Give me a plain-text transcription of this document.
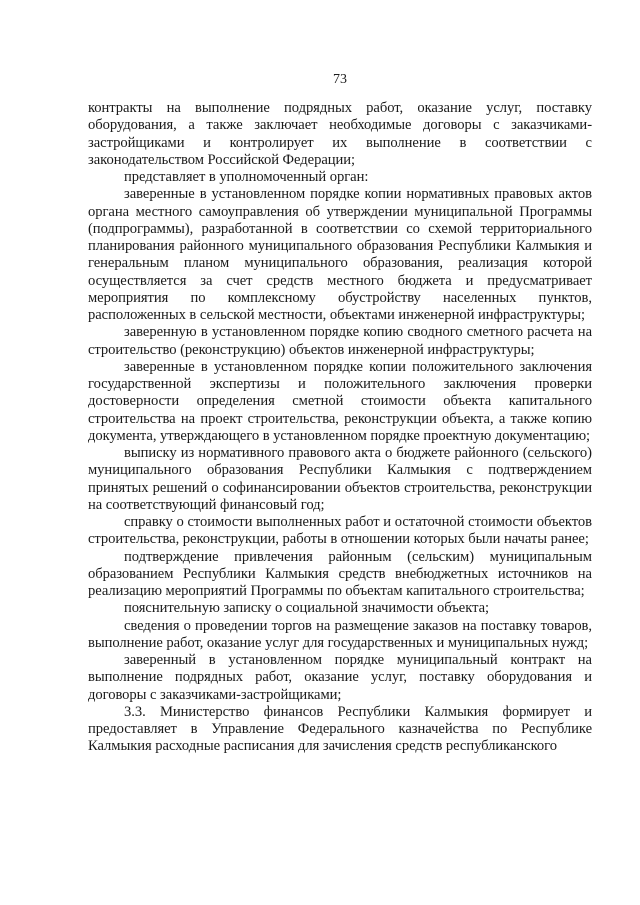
73

контракты на выполнение подрядных работ, оказание услуг, поставку оборудования, а также заключает необходимые договоры с заказчиками-застройщиками и контролирует их выполнение в соответствии с законодательством Российской Федерации;

представляет в уполномоченный орган:

заверенные в установленном порядке копии нормативных правовых актов органа местного самоуправления об утверждении муниципальной Программы (подпрограммы), разработанной в соответствии со схемой территориального планирования районного муниципального образования Республики Калмыкия и генеральным планом муниципального образования, реализация которой осуществляется за счет средств местного бюджета и предусматривает мероприятия по комплексному обустройству населенных пунктов, расположенных в сельской местности, объектами инженерной инфраструктуры;

заверенную в установленном порядке копию сводного сметного расчета на строительство (реконструкцию) объектов инженерной инфраструктуры;

заверенные в установленном порядке копии положительного заключения государственной экспертизы и положительного заключения проверки достоверности определения сметной стоимости объекта капитального строительства на проект строительства, реконструкции объекта, а также копию документа, утверждающего в установленном порядке проектную документацию;

выписку из нормативного правового акта о бюджете районного (сельского) муниципального образования Республики Калмыкия с подтверждением принятых решений о софинансировании объектов строительства, реконструкции на соответствующий финансовый год;

справку о стоимости выполненных работ и остаточной стоимости объектов строительства, реконструкции, работы в отношении которых были начаты ранее;

подтверждение привлечения районным (сельским) муниципальным образованием Республики Калмыкия средств внебюджетных источников на реализацию мероприятий Программы по объектам капитального строительства;

пояснительную записку о социальной значимости объекта;

сведения о проведении торгов на размещение заказов на поставку товаров, выполнение работ, оказание услуг для государственных и муниципальных нужд;

заверенный в установленном порядке муниципальный контракт на выполнение подрядных работ, оказание услуг, поставку оборудования и договоры с заказчиками-застройщиками;

3.3. Министерство финансов Республики Калмыкия формирует и предоставляет в Управление Федерального казначейства по Республике Калмыкия расходные расписания для зачисления средств республиканского
